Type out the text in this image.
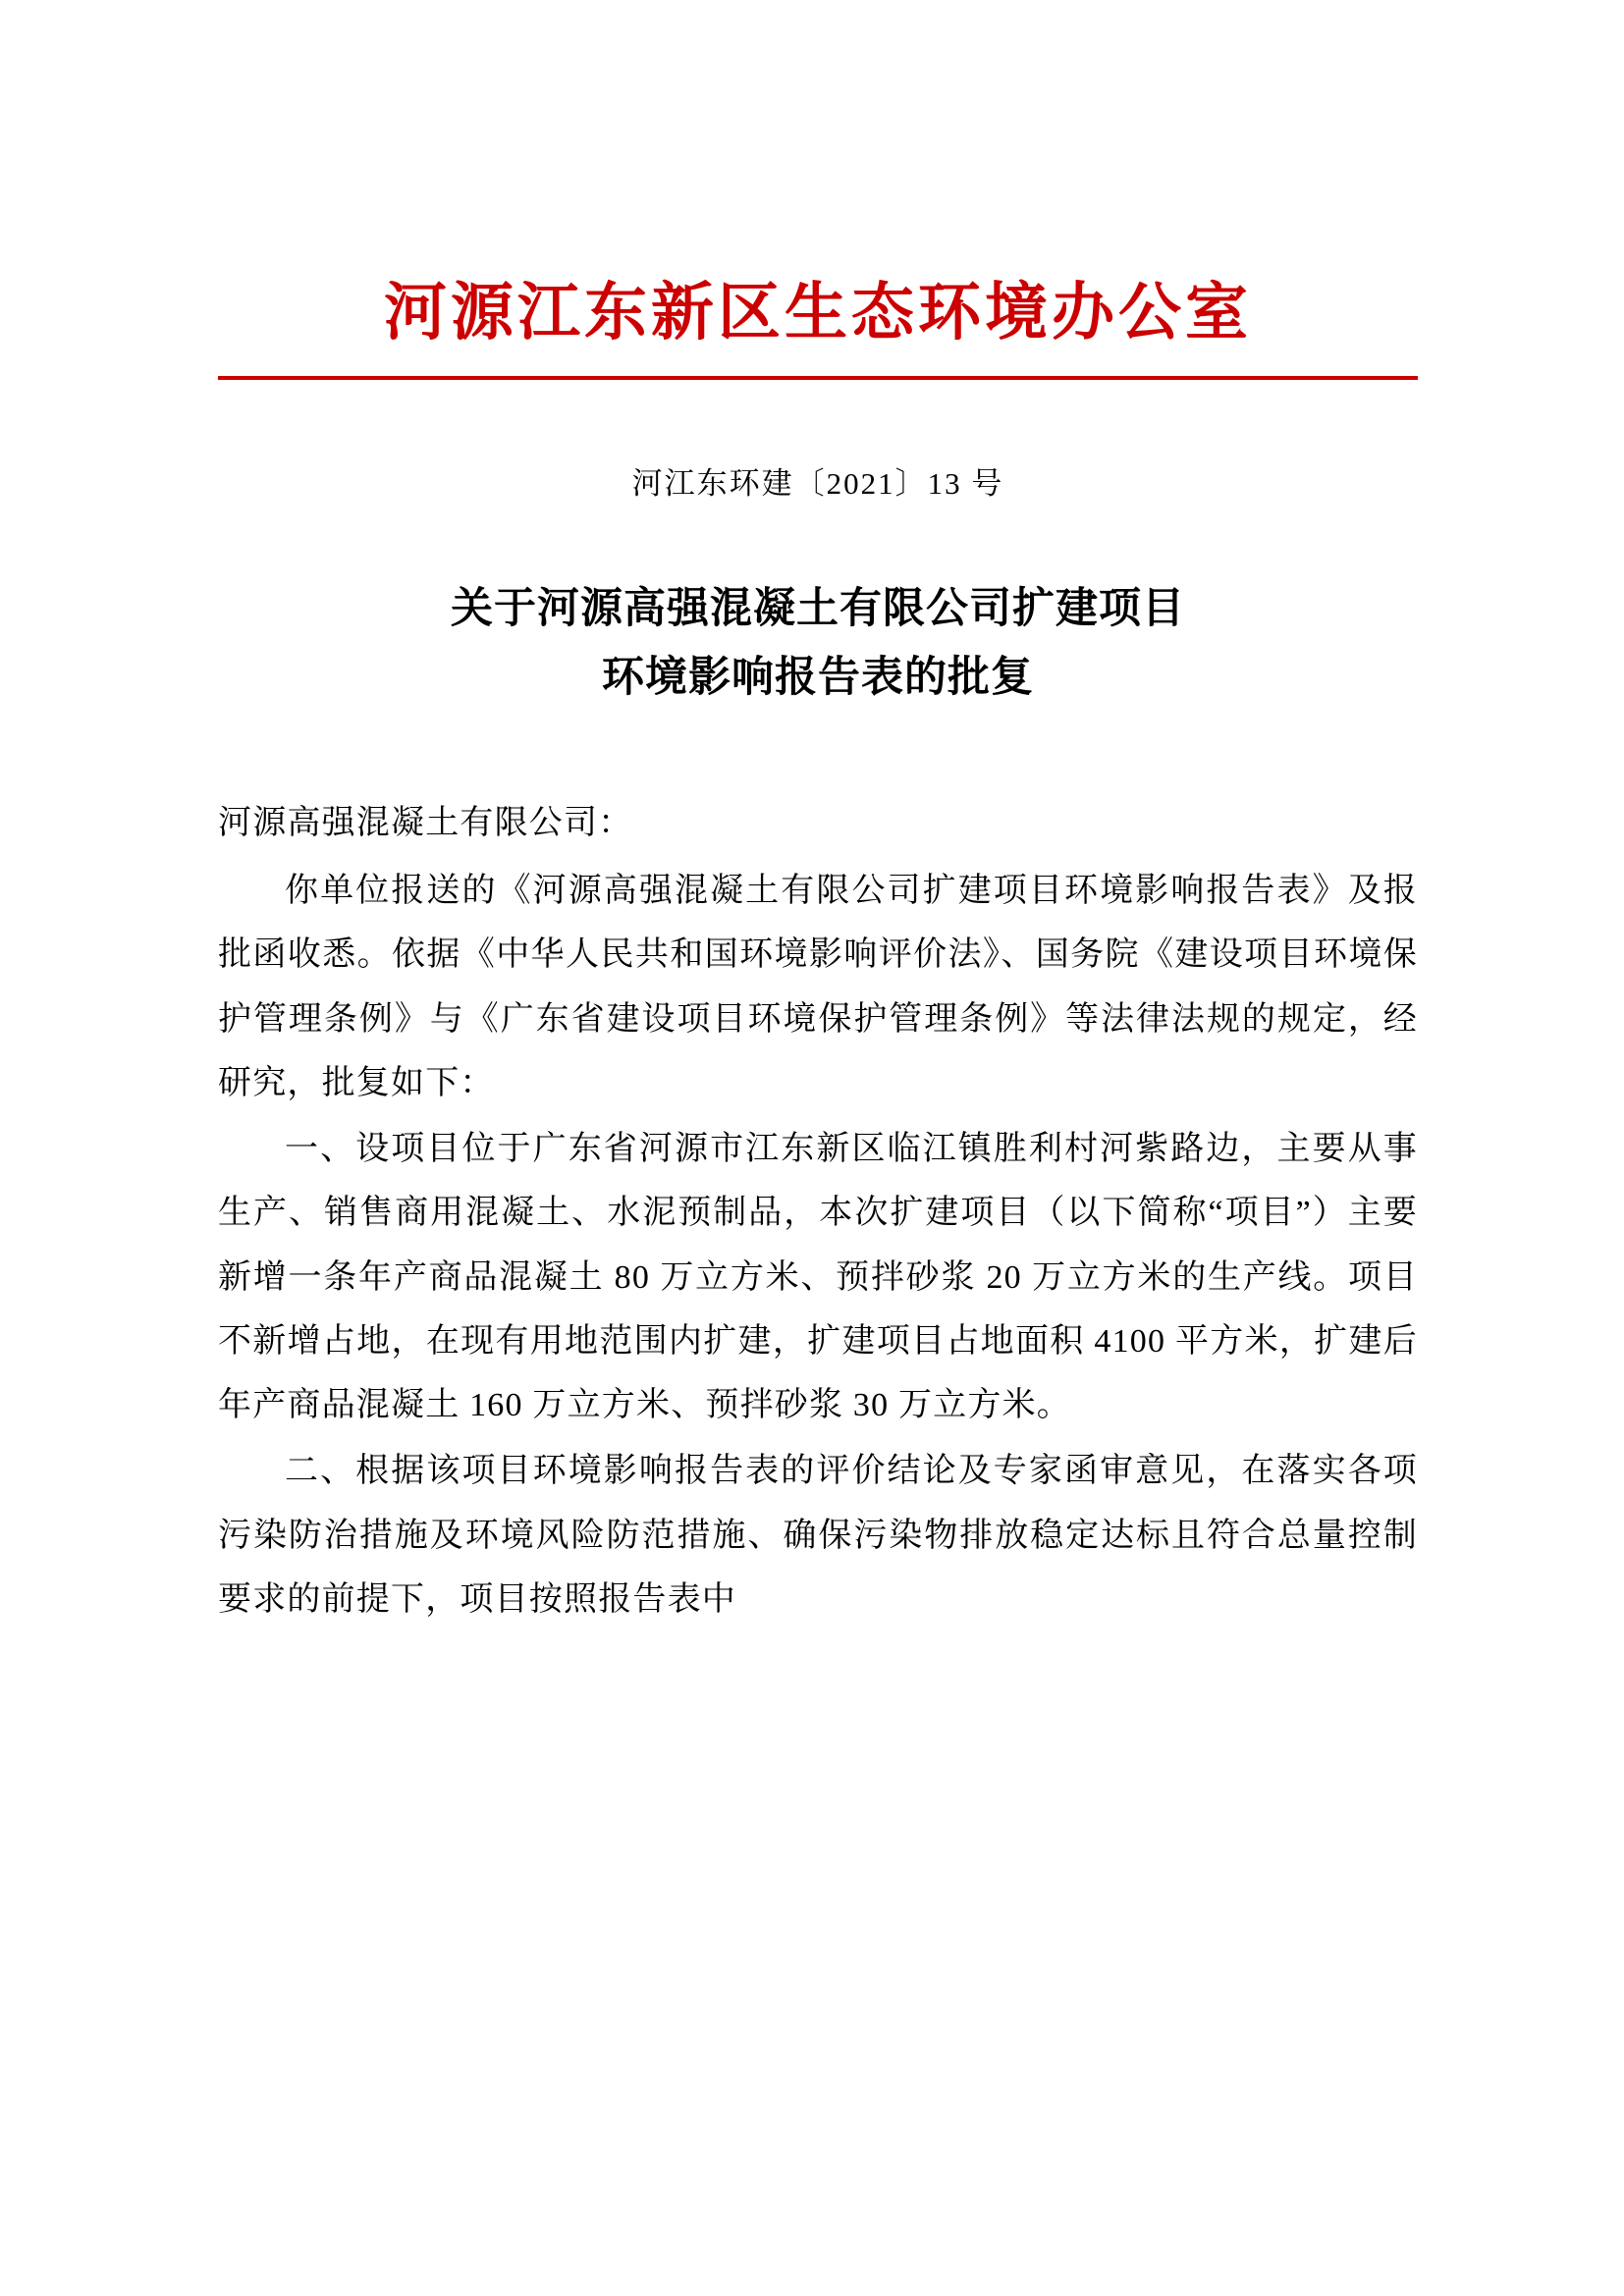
河源江东新区生态环境办公室
河江东环建〔2021〕13 号
关于河源高强混凝土有限公司扩建项目
环境影响报告表的批复

河源高强混凝土有限公司：

你单位报送的《河源高强混凝土有限公司扩建项目环境影响报告表》及报批函收悉。依据《中华人民共和国环境影响评价法》、国务院《建设项目环境保护管理条例》与《广东省建设项目环境保护管理条例》等法律法规的规定，经研究，批复如下：

一、设项目位于广东省河源市江东新区临江镇胜利村河紫路边，主要从事生产、销售商用混凝土、水泥预制品，本次扩建项目（以下简称“项目”）主要新增一条年产商品混凝土 80 万立方米、预拌砂浆 20 万立方米的生产线。项目不新增占地，在现有用地范围内扩建，扩建项目占地面积 4100 平方米，扩建后年产商品混凝土 160 万立方米、预拌砂浆 30 万立方米。

二、根据该项目环境影响报告表的评价结论及专家函审意见，在落实各项污染防治措施及环境风险防范措施、确保污染物排放稳定达标且符合总量控制要求的前提下，项目按照报告表中
